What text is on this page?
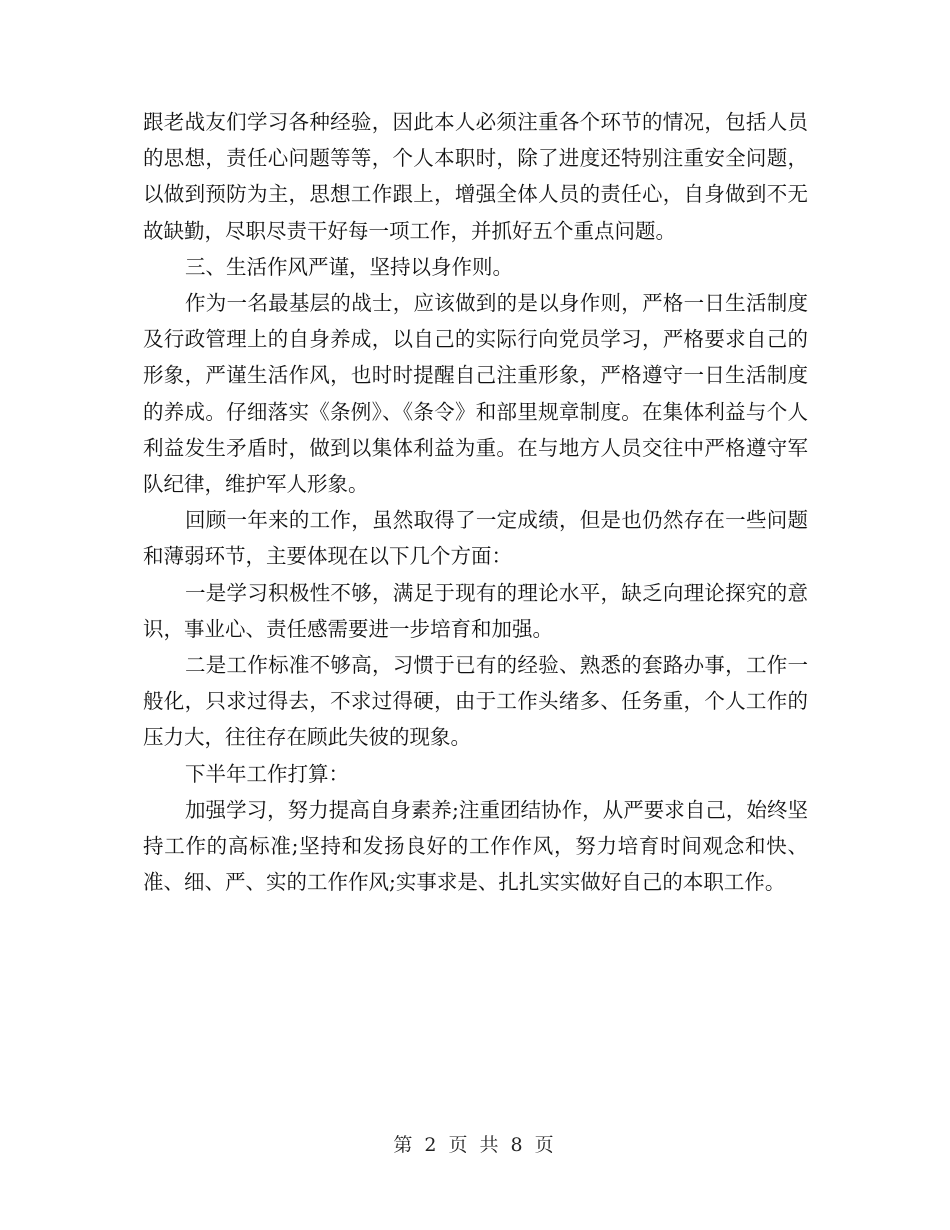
跟老战友们学习各种经验，因此本人必须注重各个环节的情况，包括人员的思想，责任心问题等等，个人本职时，除了进度还特别注重安全问题，以做到预防为主，思想工作跟上，增强全体人员的责任心，自身做到不无故缺勤，尽职尽责干好每一项工作，并抓好五个重点问题。

三、生活作风严谨，坚持以身作则。

作为一名最基层的战士，应该做到的是以身作则，严格一日生活制度及行政管理上的自身养成，以自己的实际行向党员学习，严格要求自己的形象，严谨生活作风，也时时提醒自己注重形象，严格遵守一日生活制度的养成。仔细落实《条例》、《条令》和部里规章制度。在集体利益与个人利益发生矛盾时，做到以集体利益为重。在与地方人员交往中严格遵守军队纪律，维护军人形象。

回顾一年来的工作，虽然取得了一定成绩，但是也仍然存在一些问题和薄弱环节，主要体现在以下几个方面：

一是学习积极性不够，满足于现有的理论水平，缺乏向理论探究的意识，事业心、责任感需要进一步培育和加强。

二是工作标准不够高，习惯于已有的经验、熟悉的套路办事，工作一般化，只求过得去，不求过得硬，由于工作头绪多、任务重，个人工作的压力大，往往存在顾此失彼的现象。

下半年工作打算：

加强学习，努力提高自身素养;注重团结协作，从严要求自己，始终坚持工作的高标准;坚持和发扬良好的工作作风，努力培育时间观念和快、准、细、严、实的工作作风;实事求是、扎扎实实做好自己的本职工作。

第 2 页 共 8 页
